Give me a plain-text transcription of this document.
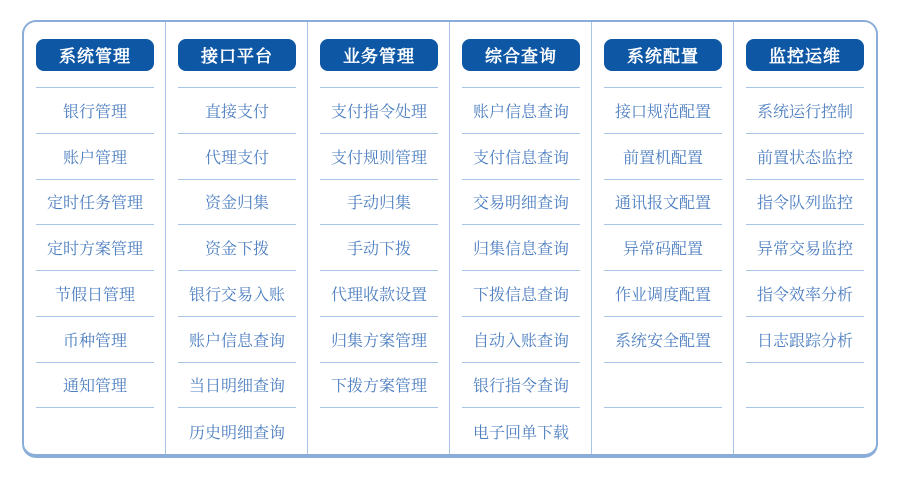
系统管理
银行管理
账户管理
定时任务管理
定时方案管理
节假日管理
币种管理
通知管理
接口平台
直接支付
代理支付
资金归集
资金下拨
银行交易入账
账户信息查询
当日明细查询
历史明细查询
业务管理
支付指令处理
支付规则管理
手动归集
手动下拨
代理收款设置
归集方案管理
下拨方案管理
综合查询
账户信息查询
支付信息查询
交易明细查询
归集信息查询
下拨信息查询
自动入账查询
银行指令查询
电子回单下载
系统配置
接口规范配置
前置机配置
通讯报文配置
异常码配置
作业调度配置
系统安全配置
监控运维
系统运行控制
前置状态监控
指令队列监控
异常交易监控
指令效率分析
日志跟踪分析
